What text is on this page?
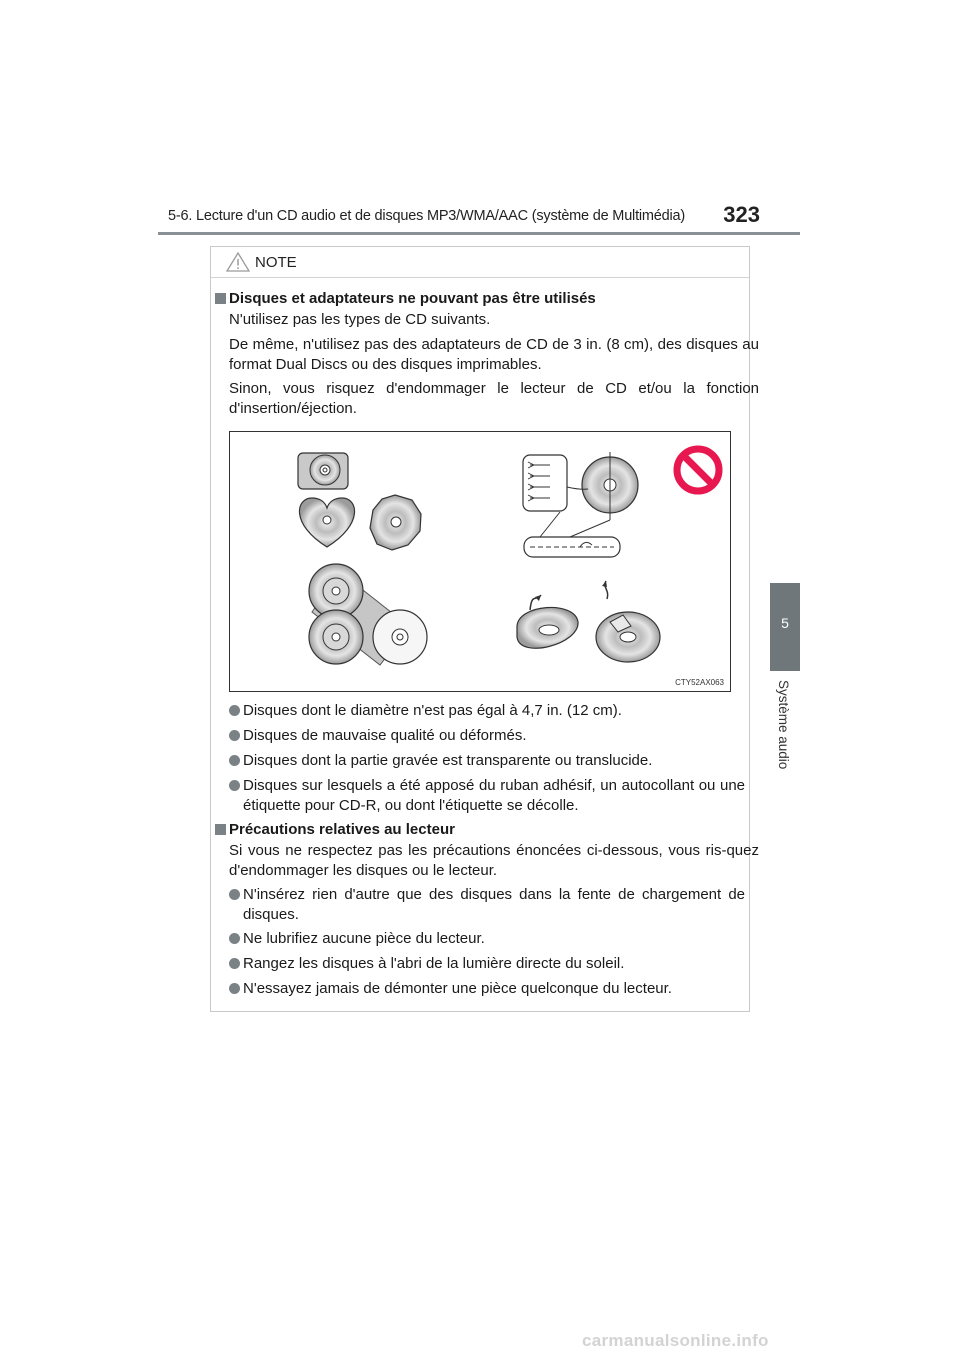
5-6. Lecture d'un CD audio et de disques MP3/WMA/AAC (système de Multimédia) 323
5
Système audio
NOTE
Disques et adaptateurs ne pouvant pas être utilisés
N'utilisez pas les types de CD suivants.
De même, n'utilisez pas des adaptateurs de CD de 3 in. (8 cm), des disques au format Dual Discs ou des disques imprimables.
Sinon, vous risquez d'endommager le lecteur de CD et/ou la fonction d'insertion/éjection.
Disques dont le diamètre n'est pas égal à 4,7 in. (12 cm).
Disques de mauvaise qualité ou déformés.
Disques dont la partie gravée est transparente ou translucide.
Disques sur lesquels a été apposé du ruban adhésif, un autocollant ou une étiquette pour CD-R, ou dont l'étiquette se décolle.
Précautions relatives au lecteur
Si vous ne respectez pas les précautions énoncées ci-dessous, vous ris-quez d'endommager les disques ou le lecteur.
N'insérez rien d'autre que des disques dans la fente de chargement de disques.
Ne lubrifiez aucune pièce du lecteur.
Rangez les disques à l'abri de la lumière directe du soleil.
N'essayez jamais de démonter une pièce quelconque du lecteur.
CTY52AX063
carmanualsonline.info
